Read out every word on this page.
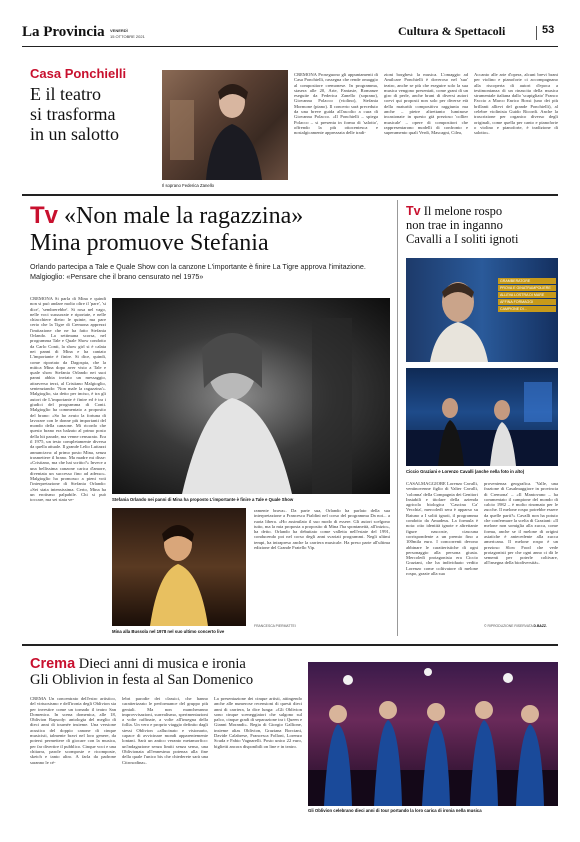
La Provincia VENERDÌ
15 OTTOBRE 2021	Cultura & Spettacoli	53
Casa Ponchielli
E il teatro
si trasforma
in un salotto
Il soprano Federica Zanello
CREMONA Proseguono gli appuntamenti di Casa Ponchielli, rassegna che rende omaggio al compositore cremonese. In programma, stasera alle 20, Arie, Fantasie, Romanze eseguite da Federica Zanello (soprano), Giovanna Polacco (violino), Stefania Mormone (piano). Il concerto sarà preceduto da una breve guida all'ascolto a cura di Giovanna Polacco. «Il Ponchielli – spiega Polacco – si presenta in forma di 'salotto', offrendo la più ottocentesca e nostalgicamente apprezzata delle tradi-
zioni borghesi: la musica. L'omaggio ad Amilcare Ponchielli è doveroso nel 'suo' teatro, anche se più che eseguire solo la sua musica vengono presentati, come grani di un giro di perle, anche brani di diversi autori coevi qui proposti non solo per diverse età della maturità compositiva raggiunta ma anche – pietre altrettanto luminose incastonate in questo già prezioso 'collier musicale' – opere di compositori che rappresentarono modelli di confronto e superamento quali Verdi, Mascagni, Cilea,
Accanto alle arie d'opera, alcuni brevi brani per violino e pianoforte ci accompagnano alla riscoperta di autori d'epoca a testimonianza di un rinascita della musica strumentale italiana dallo 'scapigliato' Franco Faccio a Marco Enrico Bossi (uno dei più brillanti allievi del grande Ponchielli), al celebre violinista Guido Ricordi. Anche la trascrizione per organico diverso degli originali, come quella per canto e pianoforte o violino e pianoforte, è tradizione di salotto».
Tv «Non male la ragazzina»
Mina promuove Stefania
Orlando partecipa a Tale e Quale Show con la canzone L'importante è finire La Tigre approva l'imitazione. Malgioglio: «Pensare che il brano censurato nel 1975»
CREMONA Si parla di Mina e quindi non si può andare molto oltre il 'pare', 'si dice', 'sembrerebbe'. Si rosa nel vago, nelle voci sussurrate e riportate, e nelle chiacchiere dietro le quinte, ma pare certo che la Tigre di Cremona apprezzi l'imitazione che ne ha fatto Stefania Orlando. La settimana scorsa, nel programma Tale e Quale Show condotto da Carlo Conti, la show girl si è calata nei panni di Mina e ha cantato L'importante è finire. Si dice, quindi, come riportato da Dagospia, che la mitica Mina dopo aver visto a Tale e quale show Stefania Orlando nei suoi panni abbia inviato un messaggio, attraverso terzi, al Cristiano Malgioglio, sentenziando: 'Non male la ragazzina'». Malgioglio, sia detto per inciso, è tra gli autori de L'importante è finire ed è tra i giudici del programma di Conti. Malgioglio ha commentato a proposito del brano: «So ho avuto la fortuna di lavorare con le donne più importanti del mondo della canzone. Mi ricordo che questo brano era balzato al primo posto della hit parade, ma venne censurato. Era il 1975, un testo completamente diversa da quella attuale. Il grande Lelio Luttazzi annunciava: al primo posto Mina, senza trasmettere il brano. Ma madre mi disse: «Cristiano, ma che hai scritto?» Invece a una bellissima canzone carica d'amore, diventata un successo fino ad adesso». Malgioglio ha promosso a pieni voti l'interpretazione di Stefania Orlando: «Sei stata intensissima. Certo, Mina ha un erotismo palpabile. Chi si può toccare, ma sei stata ve-	Stefania Orlando nei panni di Mina ha proposto L'importante è finire a Tale e Quale Show
Mina alla Bussola nel 1978 nel suo ultimo concerto live
ramente brava». Da parte sua, Orlando ha parlato della sua interpretazione a Francesca Fialdini nel corso del programma Da noi... a ruota libera. «Ho assimilato il suo modo di essere. Gli autori scelgono tutto, ma la mia proposta a proposito di Mina l'ha spontaneità, all'inizio», ha detto. Orlando ha debuttato come valletta nell'estate del 1991, conducendo poi nel corso degli anni svariati programmi. Negli ultimi tempi, ha intrapreso anche la carriera musicale. Ha preso parte all'ultima edizione del Grande Fratello Vip.
FRANCESCA PIERMATTEI
Tv Il melone rospo
non trae in inganno
Cavalli a I soliti ignoti
GRAMBERATORE
PROVA E GINATRAMPOLIERE
ALLEVA LOSTRA DI MARE
AFFINA FORMAGGI
CAMPIONE DI...
Ciccio Graziani e Lorenzo Cavalli (anche nella foto in alto)
CASALMAGGIORE Lorenzo Cavalli, ventinovenne figlio di Valter Cavalli, 'colonna' della Compagnia dei Genitori Instabili e titolare della azienda agricola biologica 'Cascina Ca' Vecchia', mercoledì sera è apparso su Raiuno a I soliti ignoti, il programma condotto da Amadeus. La formula è nota: otto identità ignote e altrettante figure nascoste, ciascuna corrispondente a un premio fino a 100mila euro. I concorrenti devono abbinare le caratteristiche di ogni personaggio alla persona giusta. Mercoledì protagonista era Ciccio Graziani, che ha individuato vedito Lorenzo come coltivatore di melone rospo, grazie alla sua
provenienza geografica. 'Valle, una frazione di Casalmaggiore in provincia di Cremona' – «Il Mantovano – ha commentato il campione del mondo di calcio 1982 – è molto rinomato per le zucche. Il melone rospo potrebbe essere da quelle parti?» Cavalli non ha potuto che confermare la scelta di Graziani: «Il melone non somiglia alla zucca, come forma, anche se il melone di origini asiatiche è antecedente alla zucca americana. Il melone rospo è un prezioso Slow Food che vede protagonisti per che ogni anno ci dà le sementi per poterle coltivare, all'insegna della biodiversità».
© RIPRODUZIONE RISERVATA D.BAZZ.
Crema Dieci anni di musica e ironia
Gli Oblivion in festa al San Domenico
CREMA Un concentrato dell'estro artistico, del virtuosismo e dell'ironia degli Oblivion sta per investire come un tornado il teatro San Domenico. In scena domenica, alle 18, Oblivion Rapsody: antologia del meglio di dieci anni di tournée insieme. Una versione acustica del doppio canone di cinque musicisti, talmente bravi nel loro genere, da potersi permettere di giocare con la musica, per far divertire il pubblico. Cinque voci e una chitarra, parole scomposte e ricomposte, sketch e tanto altro. A farla da padrone saranno le cé-
lebri parodie dei classici, che hanno caratterizzato le performance del gruppo più geniali. Ma non mancheranno improvvisazioni, surrealismo, sperimentazioni a volte raffinate, a volte all'insegna della follia. Un vero e proprio viaggio definito dagli stessi Oblivion «allucinato e visionario, capace di avvicinare mondi apparentemente lontani. Sarà un antico veranto metamorfico: un'indagazione senza limiti senza senso, una Oblivionata all'ennesima potenza alla fine della quale l'unico bis che chiederete sarà una Citrosodina».
La presentazione dei cinque artisti, attingendo anche alle numerose recensioni di questi dieci anni di carriera, la dice lunga: «Gli Oblivion sono cinque sceneggiatori che salgono sul palco, cinque gradi di separazione tra i Queen e Gianni Morandi». Regia di Giorgio Gallione, insieme alias Oblivion, Graziana Borciani, Davide Calabrese, Francesca Folloni, Lorenzo Scuda e Fabio Vagnarelli. Posto unico 22 euro, biglietti ancora disponibili on line e in teatro.
Gli Oblivion celebrano dieci anni di tour portando la loro carica di ironia nella musica
